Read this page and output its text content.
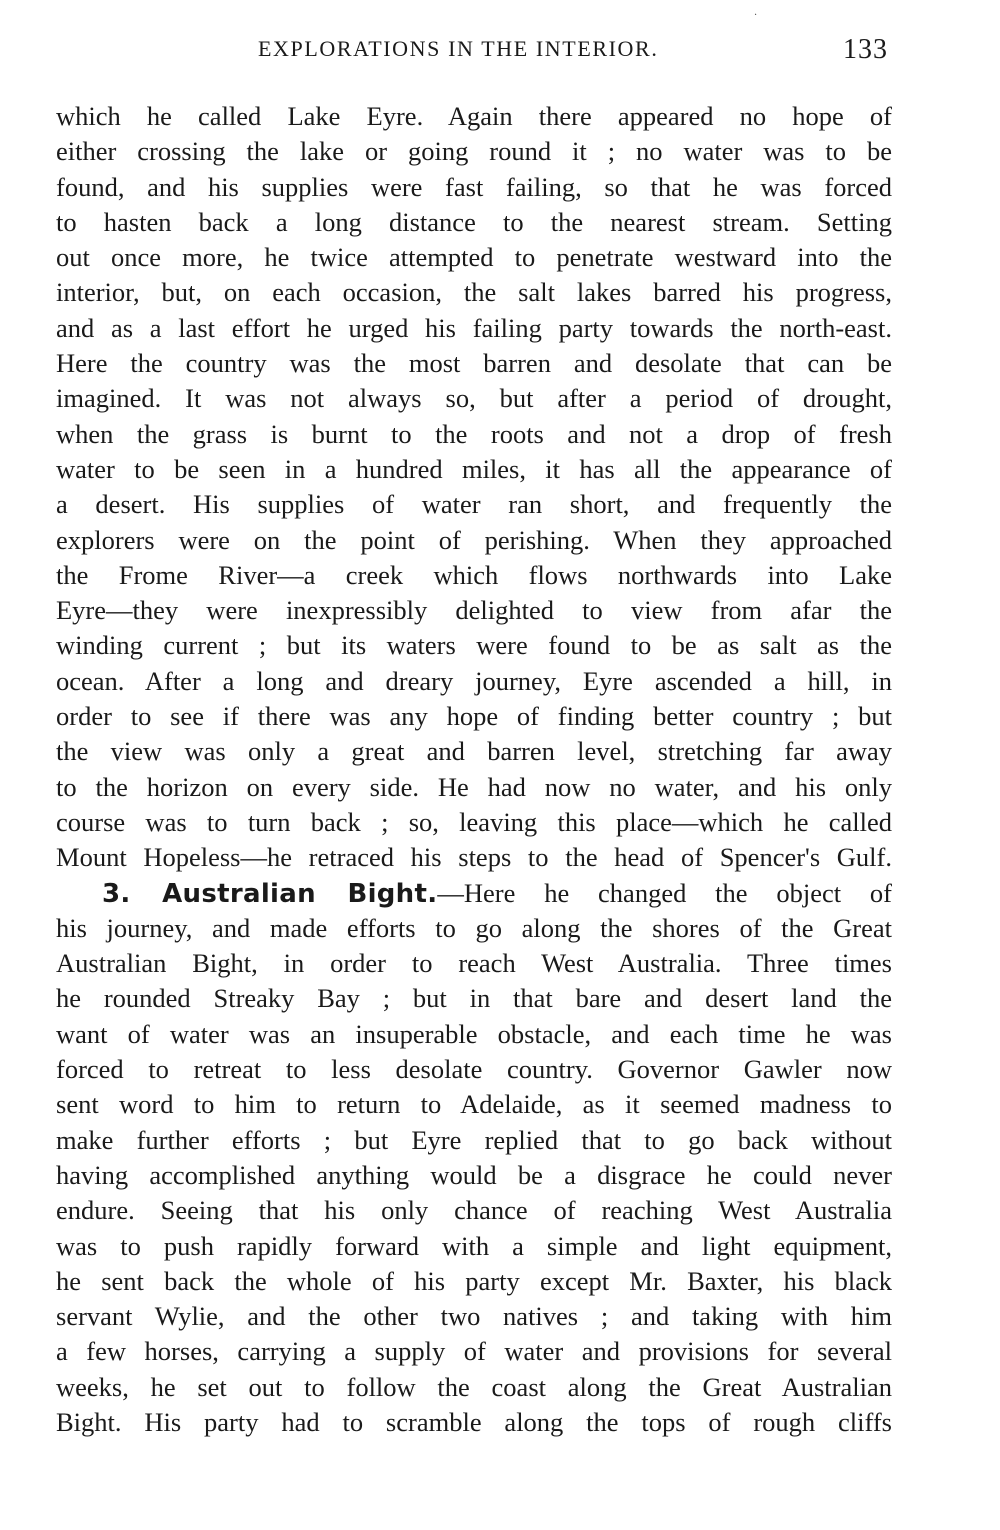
·
EXPLORATIONS IN THE INTERIOR.	133
which he called Lake Eyre. Again there appeared no hope of
either crossing the lake or going round it ; no water was to be
found, and his supplies were fast failing, so that he was forced
to hasten back a long distance to the nearest stream. Setting
out once more, he twice attempted to penetrate westward into the
interior, but, on each occasion, the salt lakes barred his progress,
and as a last effort he urged his failing party towards the north-east.
Here the country was the most barren and desolate that can be
imagined. It was not always so, but after a period of drought,
when the grass is burnt to the roots and not a drop of fresh
water to be seen in a hundred miles, it has all the appearance of
a desert. His supplies of water ran short, and frequently the
explorers were on the point of perishing. When they approached
the Frome River—a creek which flows northwards into Lake
Eyre—they were inexpressibly delighted to view from afar the
winding current ; but its waters were found to be as salt as the
ocean. After a long and dreary journey, Eyre ascended a hill, in
order to see if there was any hope of finding better country ; but
the view was only a great and barren level, stretching far away
to the horizon on every side. He had now no water, and his only
course was to turn back ; so, leaving this place—which he called
Mount Hopeless—he retraced his steps to the head of Spencer's Gulf.
3. Australian Bight.—Here he changed the object of
his journey, and made efforts to go along the shores of the Great
Australian Bight, in order to reach West Australia. Three times
he rounded Streaky Bay ; but in that bare and desert land the
want of water was an insuperable obstacle, and each time he was
forced to retreat to less desolate country. Governor Gawler now
sent word to him to return to Adelaide, as it seemed madness to
make further efforts ; but Eyre replied that to go back without
having accomplished anything would be a disgrace he could never
endure. Seeing that his only chance of reaching West Australia
was to push rapidly forward with a simple and light equipment,
he sent back the whole of his party except Mr. Baxter, his black
servant Wylie, and the other two natives ; and taking with him
a few horses, carrying a supply of water and provisions for several
weeks, he set out to follow the coast along the Great Australian
Bight. His party had to scramble along the tops of rough cliffs
